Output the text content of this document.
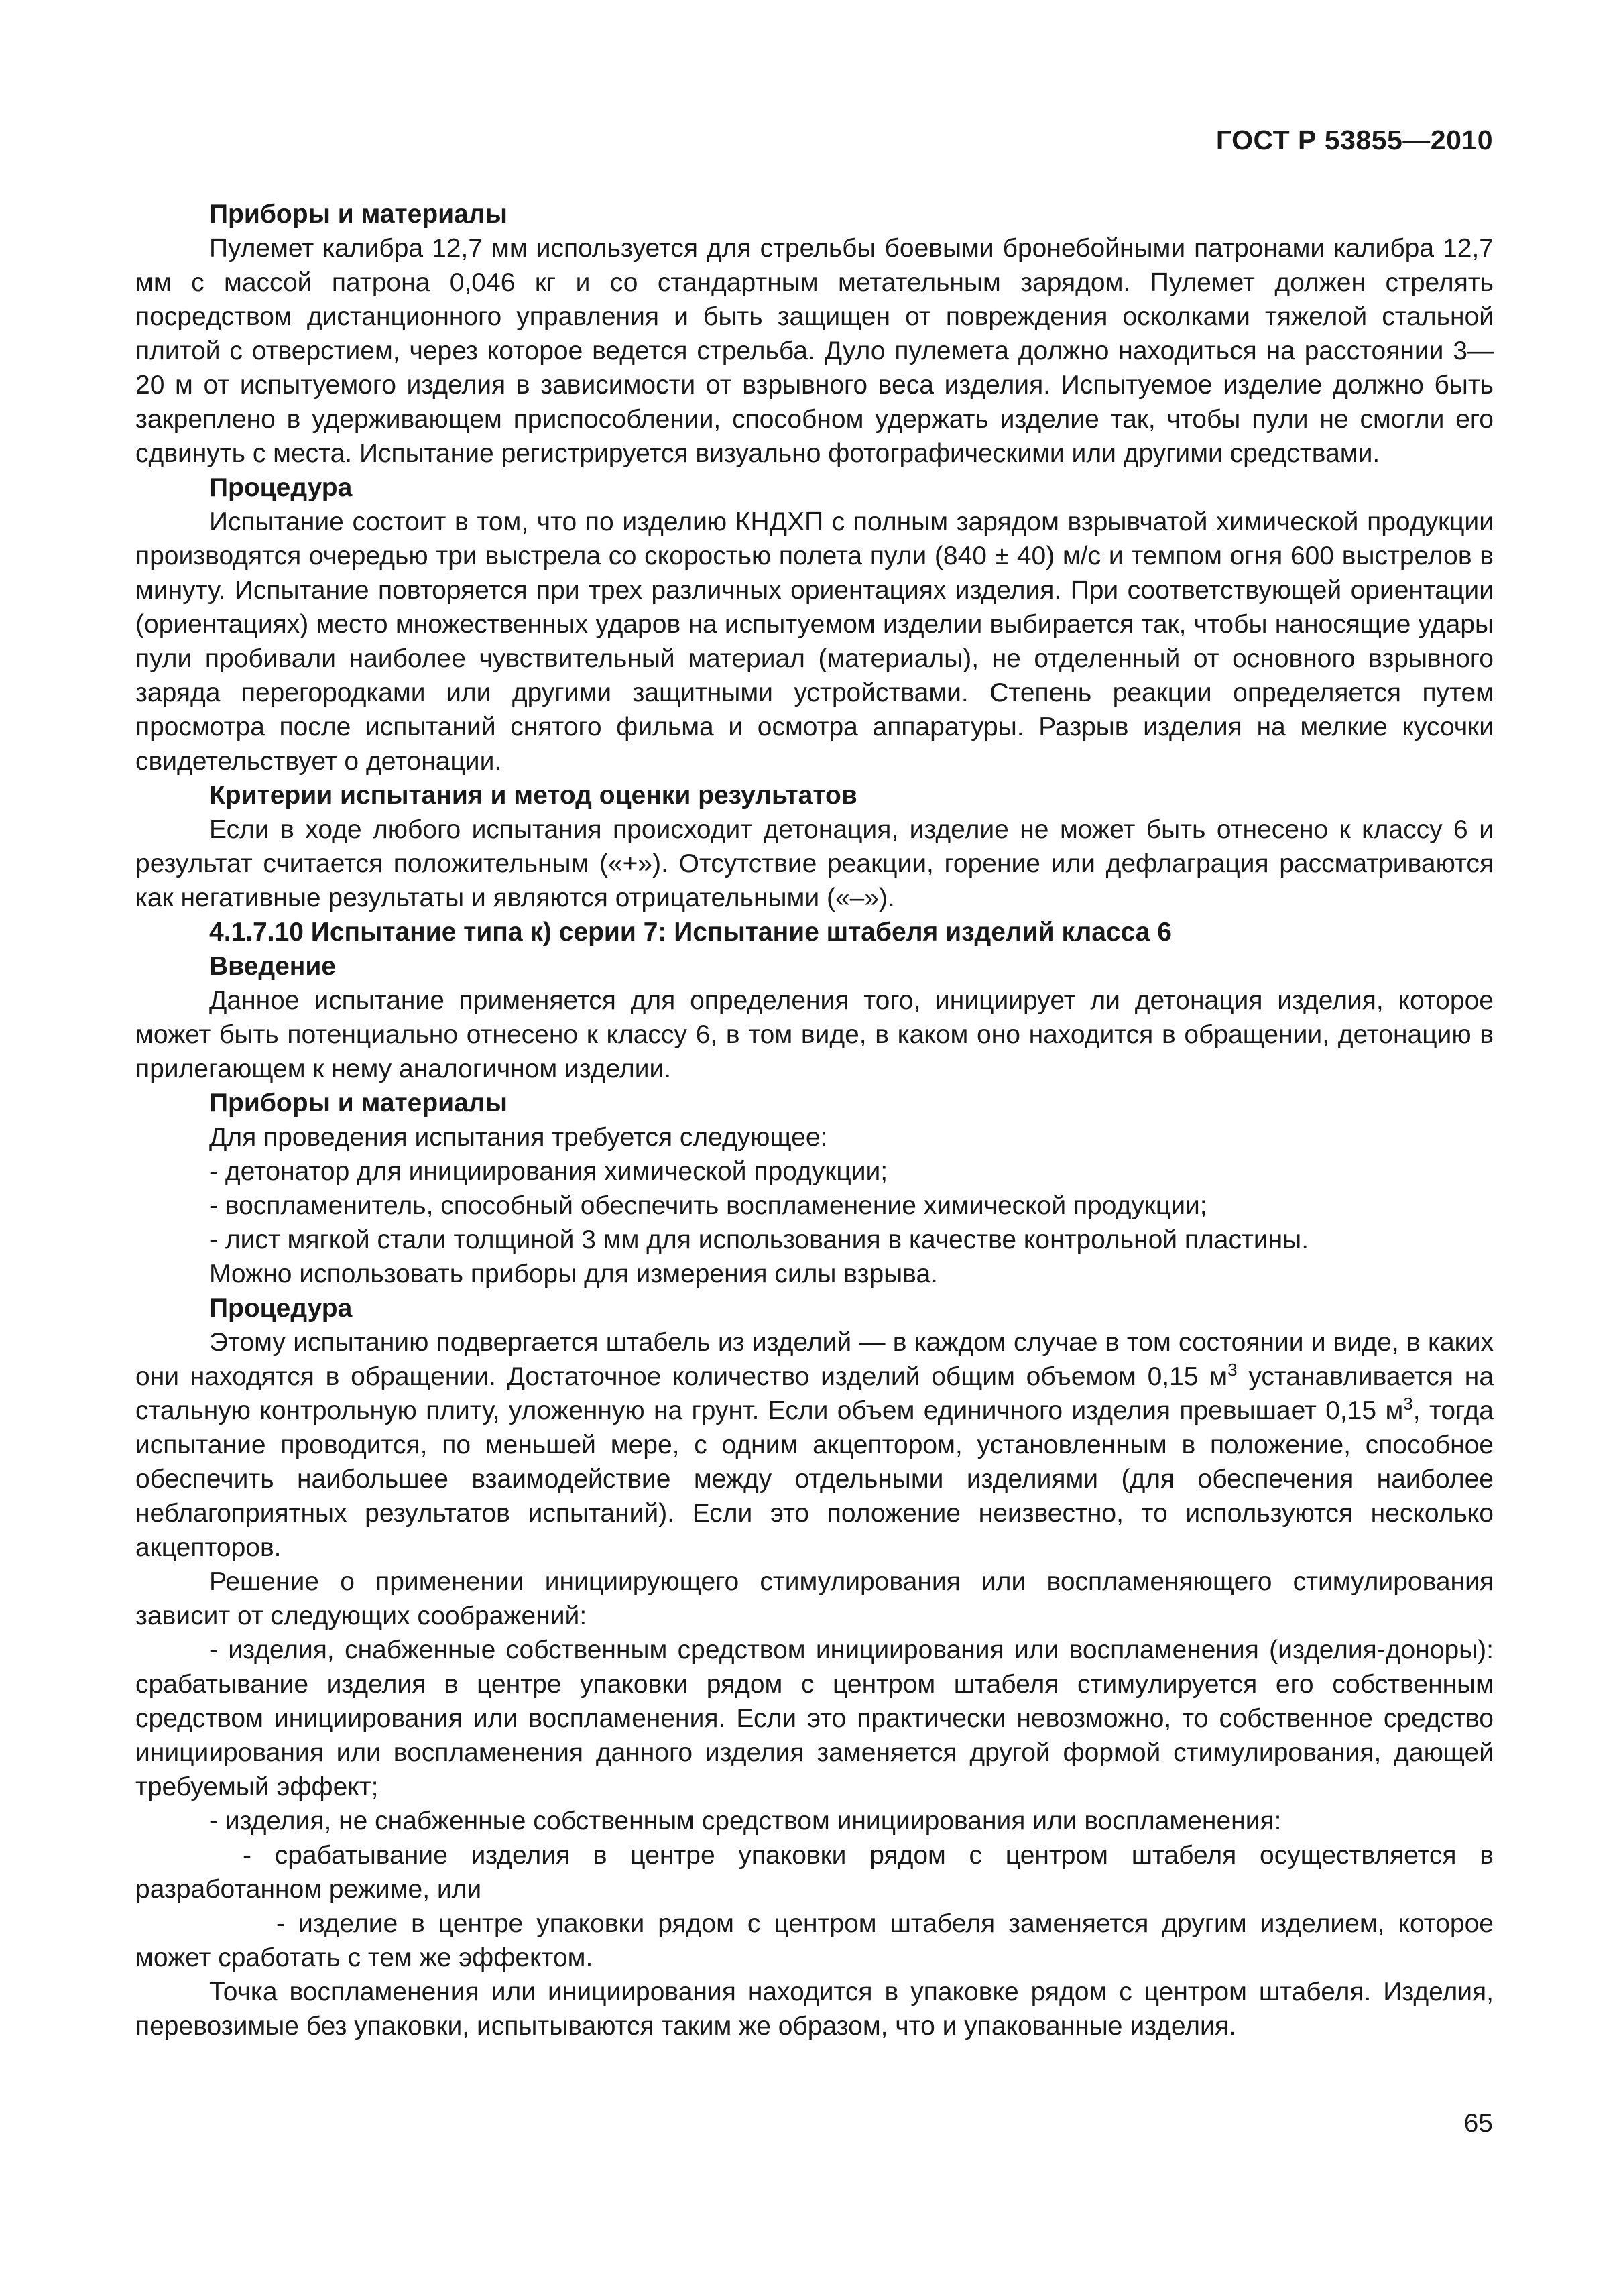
ГОСТ Р 53855—2010

Приборы и материалы

Пулемет калибра 12,7 мм используется для стрельбы боевыми бронебойными патронами калибра 12,7 мм с массой патрона 0,046 кг и со стандартным метательным зарядом. Пулемет должен стрелять посредством дистанционного управления и быть защищен от повреждения осколками тяжелой стальной плитой с отверстием, через которое ведется стрельба. Дуло пулемета должно находиться на расстоянии 3—20 м от испытуемого изделия в зависимости от взрывного веса изделия. Испытуемое изделие должно быть закреплено в удерживающем приспособлении, способном удержать изделие так, чтобы пули не смогли его сдвинуть с места. Испытание регистрируется визуально фотографическими или другими средствами.

Процедура

Испытание состоит в том, что по изделию КНДХП с полным зарядом взрывчатой химической продукции производятся очередью три выстрела со скоростью полета пули (840 ± 40) м/с и темпом огня 600 выстрелов в минуту. Испытание повторяется при трех различных ориентациях изделия. При соответствующей ориентации (ориентациях) место множественных ударов на испытуемом изделии выбирается так, чтобы наносящие удары пули пробивали наиболее чувствительный материал (материалы), не отделенный от основного взрывного заряда перегородками или другими защитными устройствами. Степень реакции определяется путем просмотра после испытаний снятого фильма и осмотра аппаратуры. Разрыв изделия на мелкие кусочки свидетельствует о детонации.

Критерии испытания и метод оценки результатов

Если в ходе любого испытания происходит детонация, изделие не может быть отнесено к классу 6 и результат считается положительным («+»). Отсутствие реакции, горение или дефлаграция рассматриваются как негативные результаты и являются отрицательными («–»).

4.1.7.10 Испытание типа к) серии 7: Испытание штабеля изделий класса 6

Введение

Данное испытание применяется для определения того, инициирует ли детонация изделия, которое может быть потенциально отнесено к классу 6, в том виде, в каком оно находится в обращении, детонацию в прилегающем к нему аналогичном изделии.

Приборы и материалы

Для проведения испытания требуется следующее:

- детонатор для инициирования химической продукции;

- воспламенитель, способный обеспечить воспламенение химической продукции;

- лист мягкой стали толщиной 3 мм для использования в качестве контрольной пластины.

Можно использовать приборы для измерения силы взрыва.

Процедура

Этому испытанию подвергается штабель из изделий — в каждом случае в том состоянии и виде, в каких они находятся в обращении. Достаточное количество изделий общим объемом 0,15 $м^3$ устанавливается на стальную контрольную плиту, уложенную на грунт. Если объем единичного изделия превышает 0,15 $м^3$, тогда испытание проводится, по меньшей мере, с одним акцептором, установленным в положение, способное обеспечить наибольшее взаимодействие между отдельными изделиями (для обеспечения наиболее неблагоприятных результатов испытаний). Если это положение неизвестно, то используются несколько акцепторов.

Решение о применении инициирующего стимулирования или воспламеняющего стимулирования зависит от следующих соображений:

- изделия, снабженные собственным средством инициирования или воспламенения (изделия-доноры): срабатывание изделия в центре упаковки рядом с центром штабеля стимулируется его собственным средством инициирования или воспламенения. Если это практически невозможно, то собственное средство инициирования или воспламенения данного изделия заменяется другой формой стимулирования, дающей требуемый эффект;

- изделия, не снабженные собственным средством инициирования или воспламенения:

- срабатывание изделия в центре упаковки рядом с центром штабеля осуществляется в разработанном режиме, или

- изделие в центре упаковки рядом с центром штабеля заменяется другим изделием, которое может сработать с тем же эффектом.

Точка воспламенения или инициирования находится в упаковке рядом с центром штабеля. Изделия, перевозимые без упаковки, испытываются таким же образом, что и упакованные изделия.

65
